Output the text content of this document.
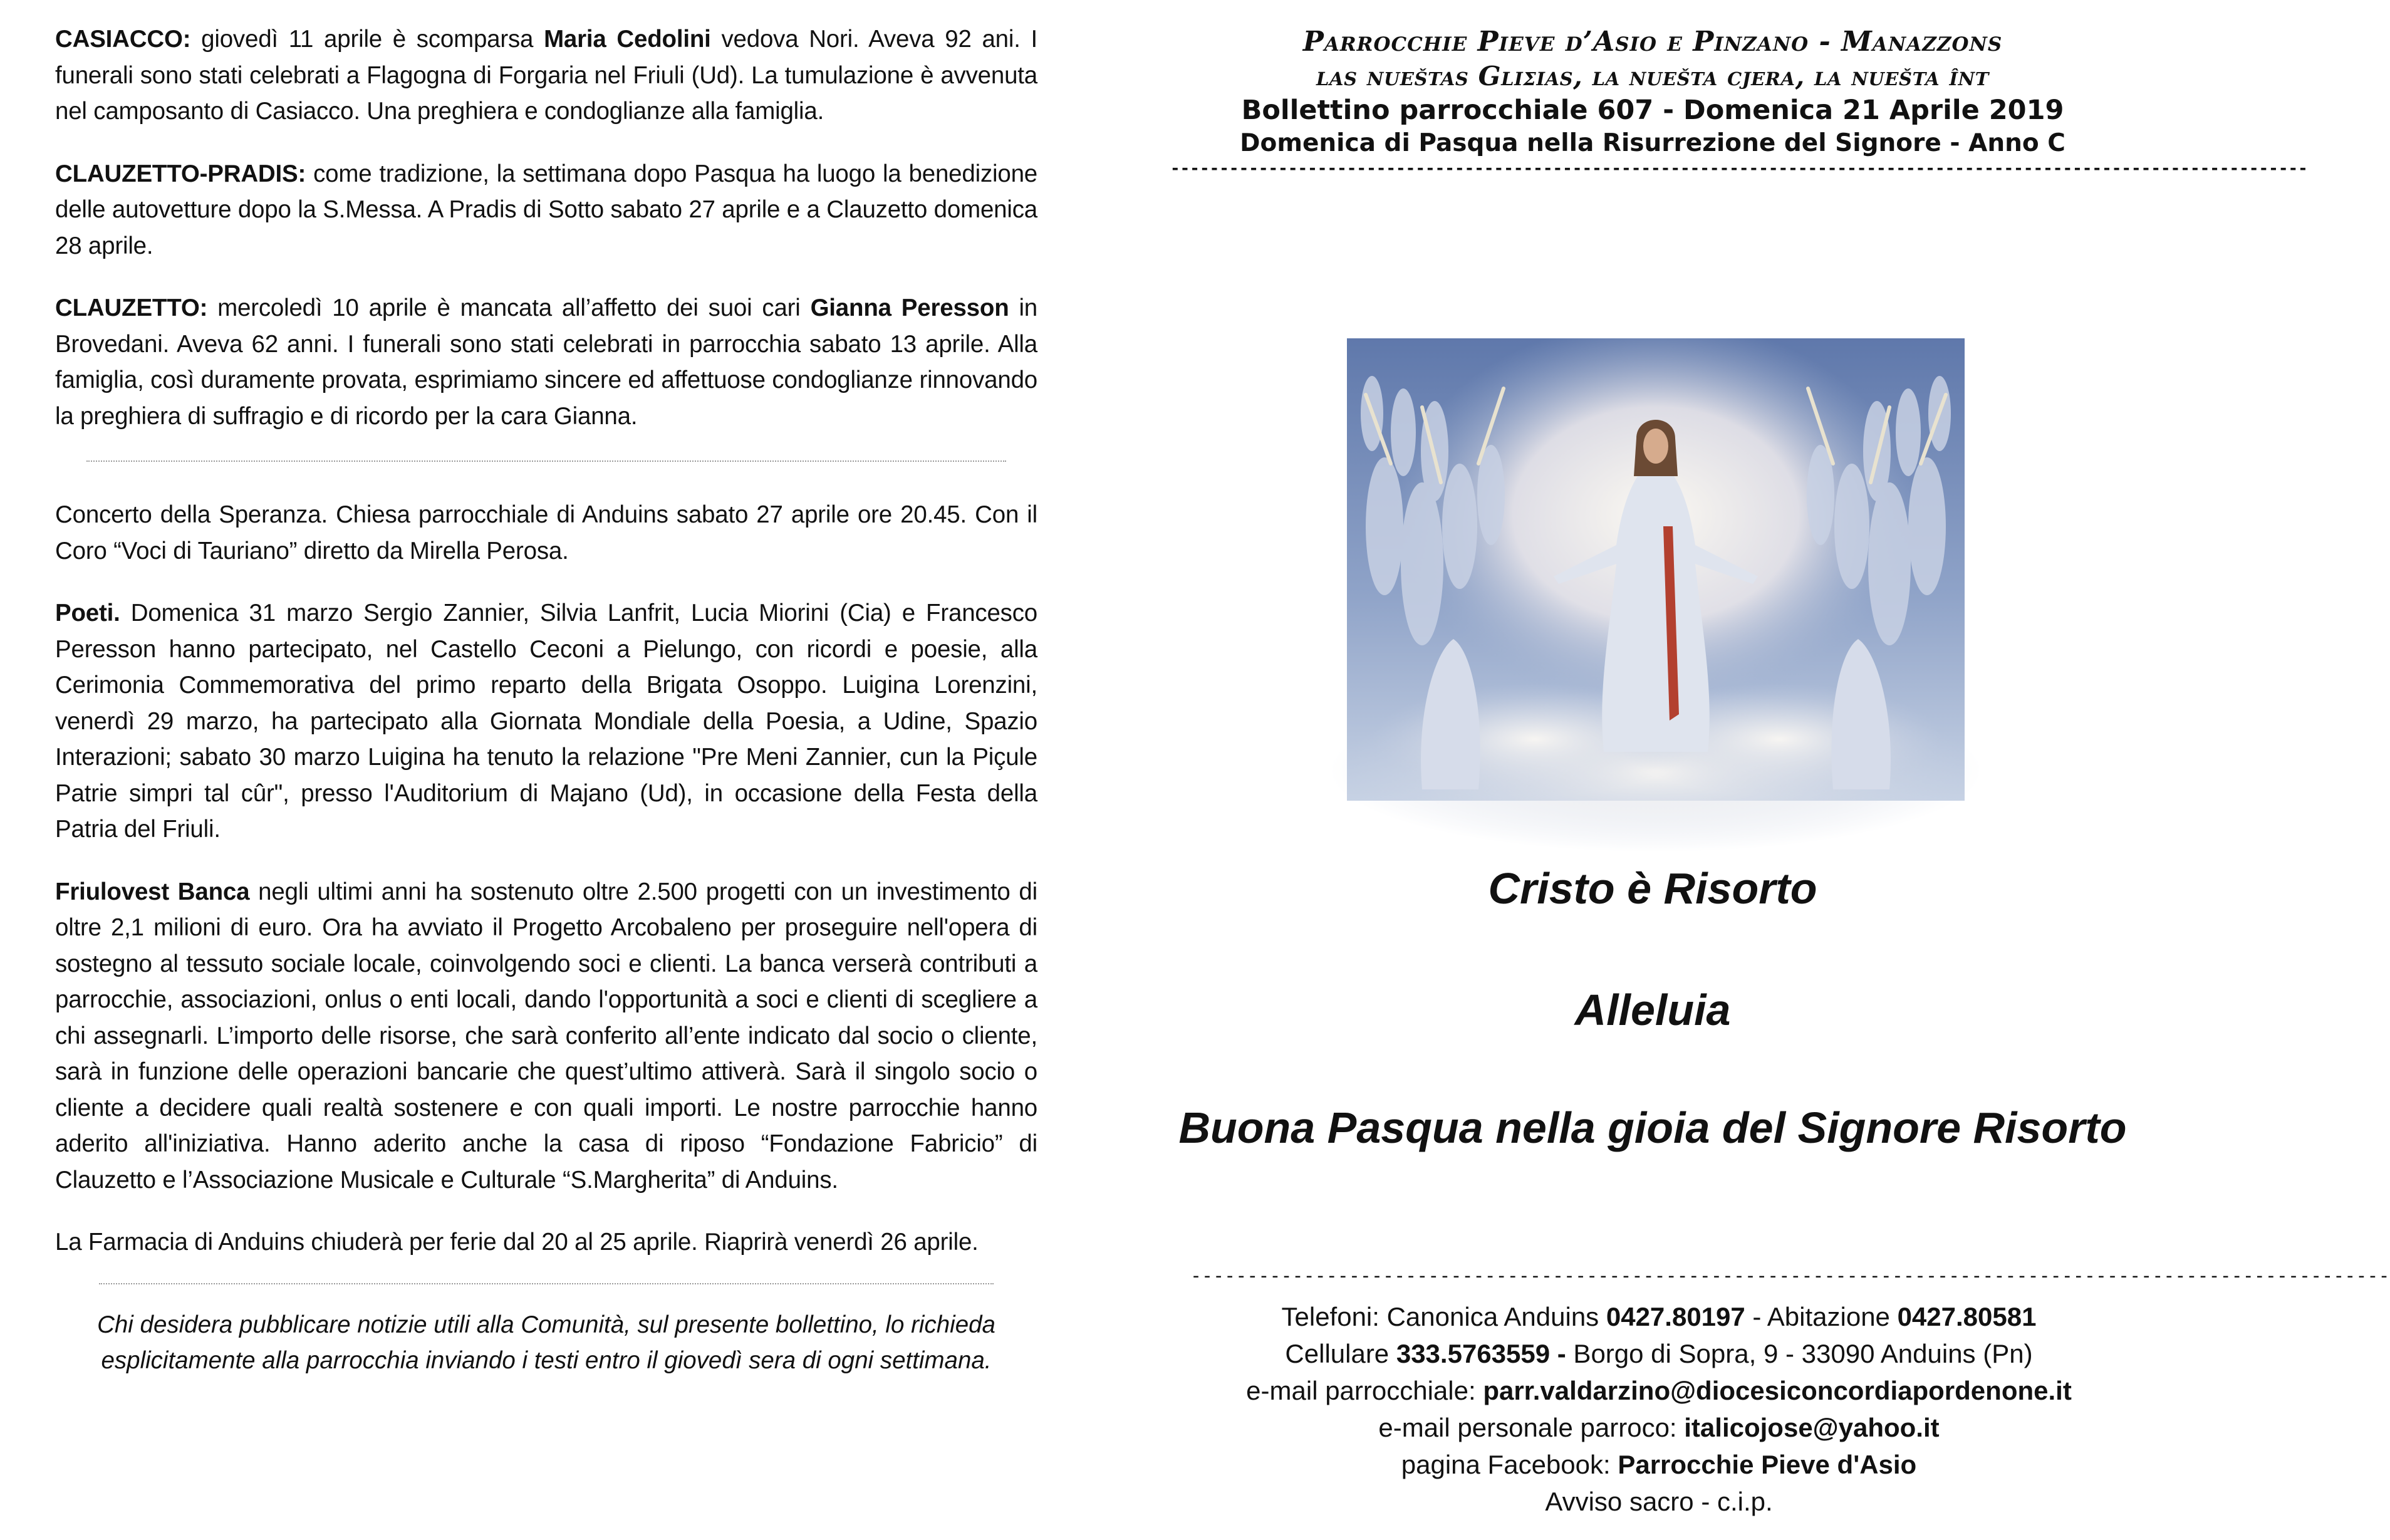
CASIACCO: giovedì 11 aprile è scomparsa Maria Cedolini vedova Nori. Aveva 92 ani. I funerali sono stati celebrati a Flagogna di Forgaria nel Friuli (Ud). La tumulazione è avvenuta nel camposanto di Casiacco. Una preghiera e condoglianze alla famiglia.

CLAUZETTO-PRADIS: come tradizione, la settimana dopo Pasqua ha luogo la benedizione delle autovetture dopo la S.Messa. A Pradis di Sotto sabato 27 aprile e a Clauzetto domenica 28 aprile.

CLAUZETTO: mercoledì 10 aprile è mancata all’affetto dei suoi cari Gianna Peresson in Brovedani. Aveva 62 anni. I funerali sono stati celebrati in parrocchia sabato 13 aprile. Alla famiglia, così duramente provata, esprimiamo sincere ed affettuose condoglianze rinnovando la preghiera di suffragio e di ricordo per la cara Gianna.

Concerto della Speranza. Chiesa parrocchiale di Anduins sabato 27 aprile ore 20.45. Con il Coro “Voci di Tauriano” diretto da Mirella Perosa.

Poeti. Domenica 31 marzo Sergio Zannier, Silvia Lanfrit, Lucia Miorini (Cia) e Francesco Peresson hanno partecipato, nel Castello Ceconi a Pielungo, con ricordi e poesie, alla Cerimonia Commemorativa del primo reparto della Brigata Osoppo. Luigina Lorenzini, venerdì 29 marzo, ha partecipato alla Giornata Mondiale della Poesia, a Udine, Spazio Interazioni; sabato 30 marzo Luigina ha tenuto la relazione "Pre Meni Zannier, cun la Piçule Patrie simpri tal cûr", presso l'Auditorium di Majano (Ud), in occasione della Festa della Patria del Friuli.

Friulovest Banca negli ultimi anni ha sostenuto oltre 2.500 progetti con un investimento di oltre 2,1 milioni di euro. Ora ha avviato il Progetto Arcobaleno per proseguire nell'opera di sostegno al tessuto sociale locale, coinvolgendo soci e clienti. La banca verserà contributi a parrocchie, associazioni, onlus o enti locali, dando l'opportunità a soci e clienti di scegliere a chi assegnarli. L’importo delle risorse, che sarà conferito all’ente indicato dal socio o cliente, sarà in funzione delle operazioni bancarie che quest’ultimo attiverà. Sarà il singolo socio o cliente a decidere quali realtà sostenere e con quali importi. Le nostre parrocchie hanno aderito all'iniziativa. Hanno aderito anche la casa di riposo “Fondazione Fabricio” di Clauzetto e l’Associazione Musicale e Culturale “S.Margherita” di Anduins.

La Farmacia di Anduins chiuderà per ferie dal 20 al 25 aprile. Riaprirà venerdì 26 aprile.

Chi desidera pubblicare notizie utili alla Comunità, sul presente bollettino, lo richieda esplicitamente alla parrocchia inviando i testi entro il giovedì sera di ogni settimana.

Parrocchie Pieve d’Asio e Pinzano - Manazzons
las nueštas Gliʃias, la nuešta cjera, la nuešta înt
Bollettino parrocchiale 607 - Domenica 21 Aprile 2019
Domenica di Pasqua nella Risurrezione del Signore - Anno C
--------------------------------------------------------------------------------------------------------------------
Cristo è Risorto
Alleluia
Buona Pasqua nella gioia del Signore Risorto
----------------------------------------------------------------------------------------------------------
Telefoni: Canonica Anduins 0427.80197 - Abitazione 0427.80581
Cellulare 333.5763559 - Borgo di Sopra, 9 - 33090 Anduins (Pn)
e-mail parrocchiale: parr.valdarzino@diocesiconcordiapordenone.it
e-mail personale parroco: italicojose@yahoo.it
pagina Facebook: Parrocchie Pieve d'Asio
Avviso sacro - c.i.p.
